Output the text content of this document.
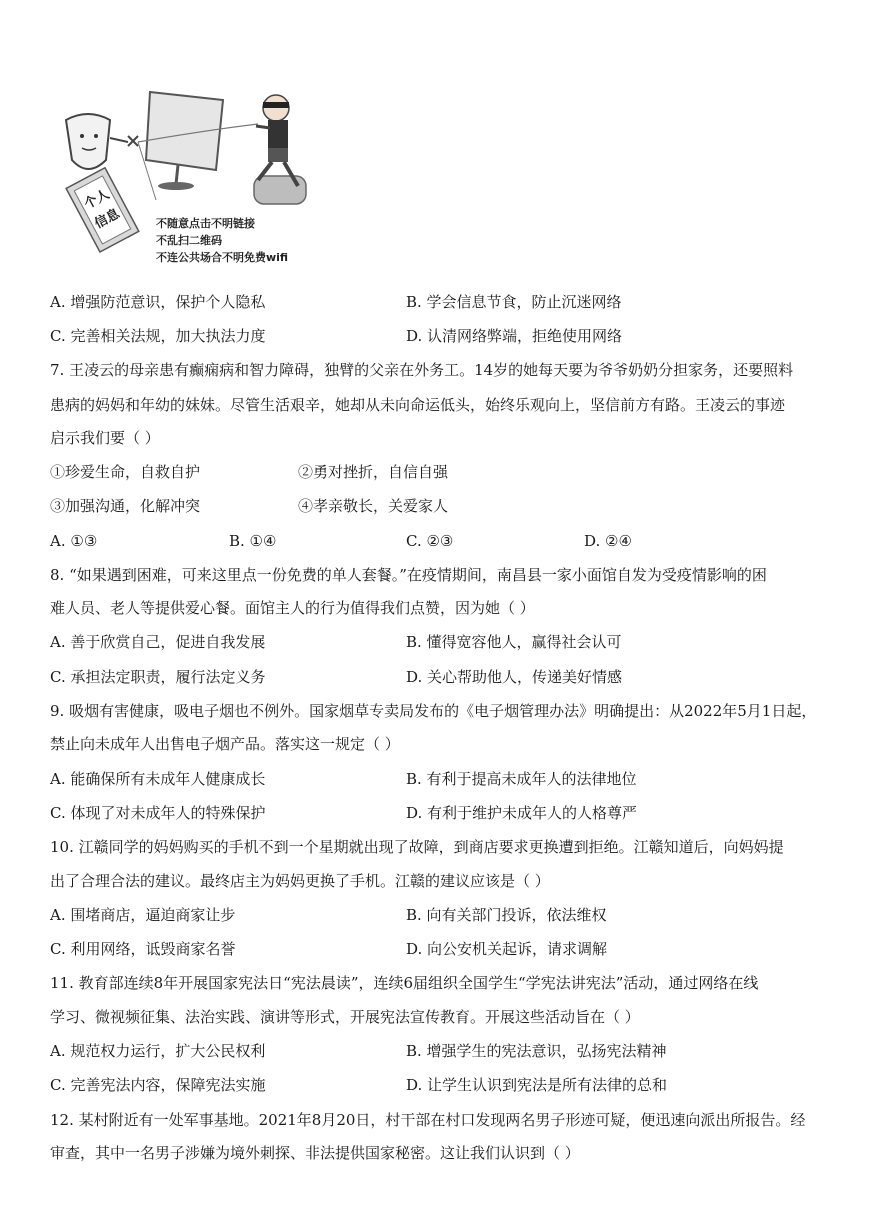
个人
信息	不随意点击不明链接
不乱扫二维码
不连公共场合不明免费wifi
A. 增强防范意识，保护个人隐私	B. 学会信息节食，防止沉迷网络
C. 完善相关法规，加大执法力度	D. 认清网络弊端，拒绝使用网络
7. 王凌云的母亲患有癫痫病和智力障碍，独臂的父亲在外务工。14岁的她每天要为爷爷奶奶分担家务，还要照料
患病的妈妈和年幼的妹妹。尽管生活艰辛，她却从未向命运低头，始终乐观向上，坚信前方有路。王凌云的事迹
启示我们要（ ）
①珍爱生命，自救自护	②勇对挫折，自信自强
③加强沟通，化解冲突	④孝亲敬长，关爱家人
A. ①③	B. ①④	C. ②③	D. ②④
8. “如果遇到困难，可来这里点一份免费的单人套餐。”在疫情期间，南昌县一家小面馆自发为受疫情影响的困
难人员、老人等提供爱心餐。面馆主人的行为值得我们点赞，因为她（ ）
A. 善于欣赏自己，促进自我发展	B. 懂得宽容他人，赢得社会认可
C. 承担法定职责，履行法定义务	D. 关心帮助他人，传递美好情感
9. 吸烟有害健康，吸电子烟也不例外。国家烟草专卖局发布的《电子烟管理办法》明确提出：从2022年5月1日起，
禁止向未成年人出售电子烟产品。落实这一规定（ ）
A. 能确保所有未成年人健康成长	B. 有利于提高未成年人的法律地位
C. 体现了对未成年人的特殊保护	D. 有利于维护未成年人的人格尊严
10. 江赣同学的妈妈购买的手机不到一个星期就出现了故障，到商店要求更换遭到拒绝。江赣知道后，向妈妈提
出了合理合法的建议。最终店主为妈妈更换了手机。江赣的建议应该是（ ）
A. 围堵商店，逼迫商家让步	B. 向有关部门投诉，依法维权
C. 利用网络，诋毁商家名誉	D. 向公安机关起诉，请求调解
11. 教育部连续8年开展国家宪法日“宪法晨读”，连续6届组织全国学生“学宪法讲宪法”活动，通过网络在线
学习、微视频征集、法治实践、演讲等形式，开展宪法宣传教育。开展这些活动旨在（ ）
A. 规范权力运行，扩大公民权利	B. 增强学生的宪法意识，弘扬宪法精神
C. 完善宪法内容，保障宪法实施	D. 让学生认识到宪法是所有法律的总和
12. 某村附近有一处军事基地。2021年8月20日，村干部在村口发现两名男子形迹可疑，便迅速向派出所报告。经
审查，其中一名男子涉嫌为境外刺探、非法提供国家秘密。这让我们认识到（ ）
